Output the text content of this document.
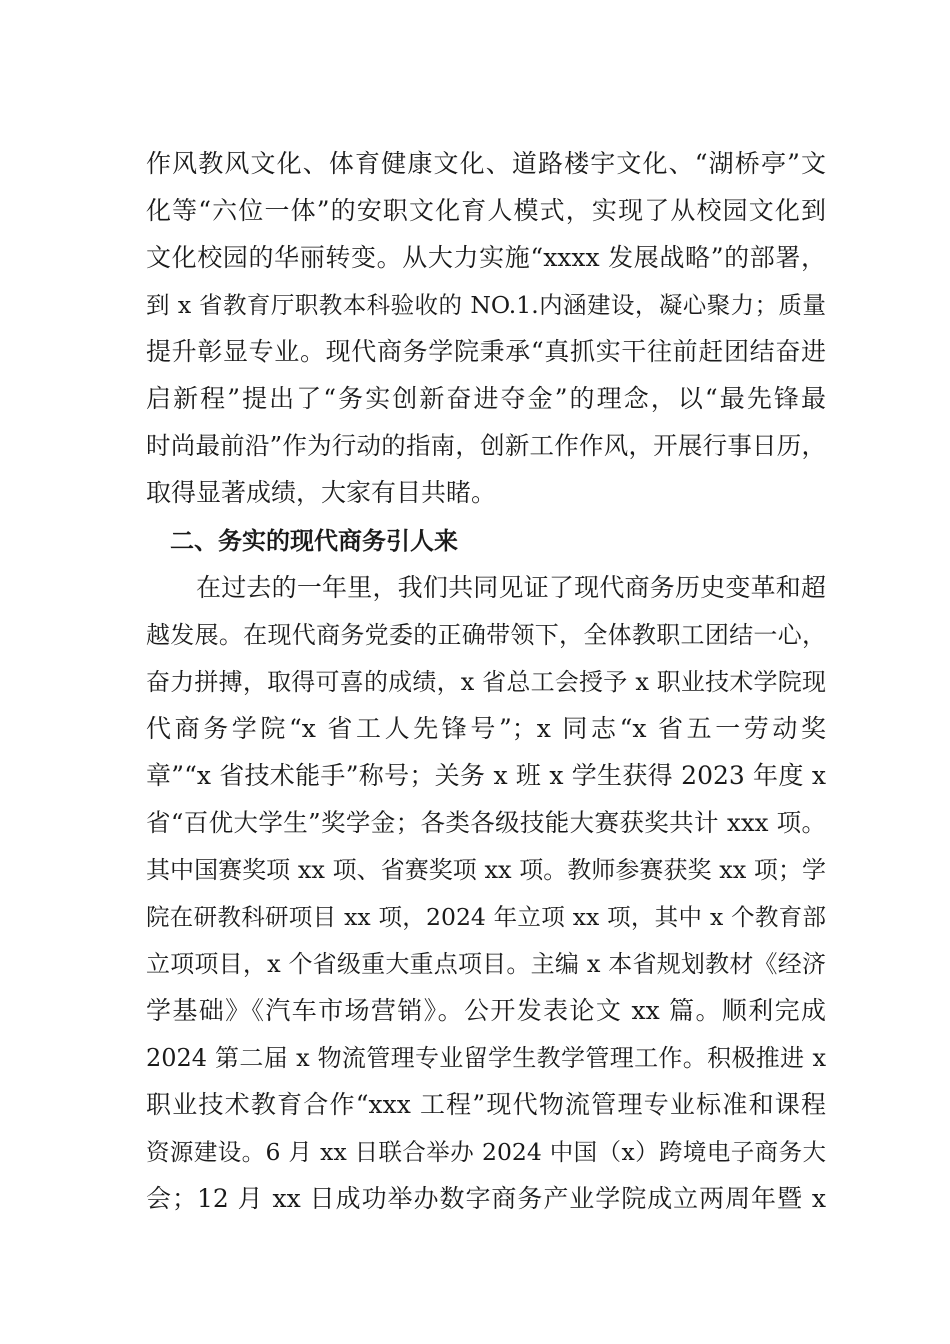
作风教风文化、体育健康文化、道路楼宇文化、“湖桥亭”文
化等“六位一体”的安职文化育人模式，实现了从校园文化到
文化校园的华丽转变。从大力实施“xxxx 发展战略”的部署，
到 x 省教育厅职教本科验收的 NO.1.内涵建设，凝心聚力；质量
提升彰显专业。现代商务学院秉承“真抓实干往前赶团结奋进
启新程”提出了“务实创新奋进夺金”的理念，以“最先锋最
时尚最前沿”作为行动的指南，创新工作作风，开展行事日历，
取得显著成绩，大家有目共睹。
二、务实的现代商务引人来
在过去的一年里，我们共同见证了现代商务历史变革和超
越发展。在现代商务党委的正确带领下，全体教职工团结一心，
奋力拼搏，取得可喜的成绩，x 省总工会授予 x 职业技术学院现
代商务学院“x 省工人先锋号”；x 同志“x 省五一劳动奖
章”“x 省技术能手”称号；关务 x 班 x 学生获得 2023 年度 x
省“百优大学生”奖学金；各类各级技能大赛获奖共计 xxx 项。
其中国赛奖项 xx 项、省赛奖项 xx 项。教师参赛获奖 xx 项；学
院在研教科研项目 xx 项，2024 年立项 xx 项，其中 x 个教育部
立项项目，x 个省级重大重点项目。主编 x 本省规划教材《经济
学基础》《汽车市场营销》。公开发表论文 xx 篇。顺利完成
2024 第二届 x 物流管理专业留学生教学管理工作。积极推进 x
职业技术教育合作“xxx 工程”现代物流管理专业标准和课程
资源建设。6 月 xx 日联合举办 2024 中国（x）跨境电子商务大
会；12 月 xx 日成功举办数字商务产业学院成立两周年暨 x
